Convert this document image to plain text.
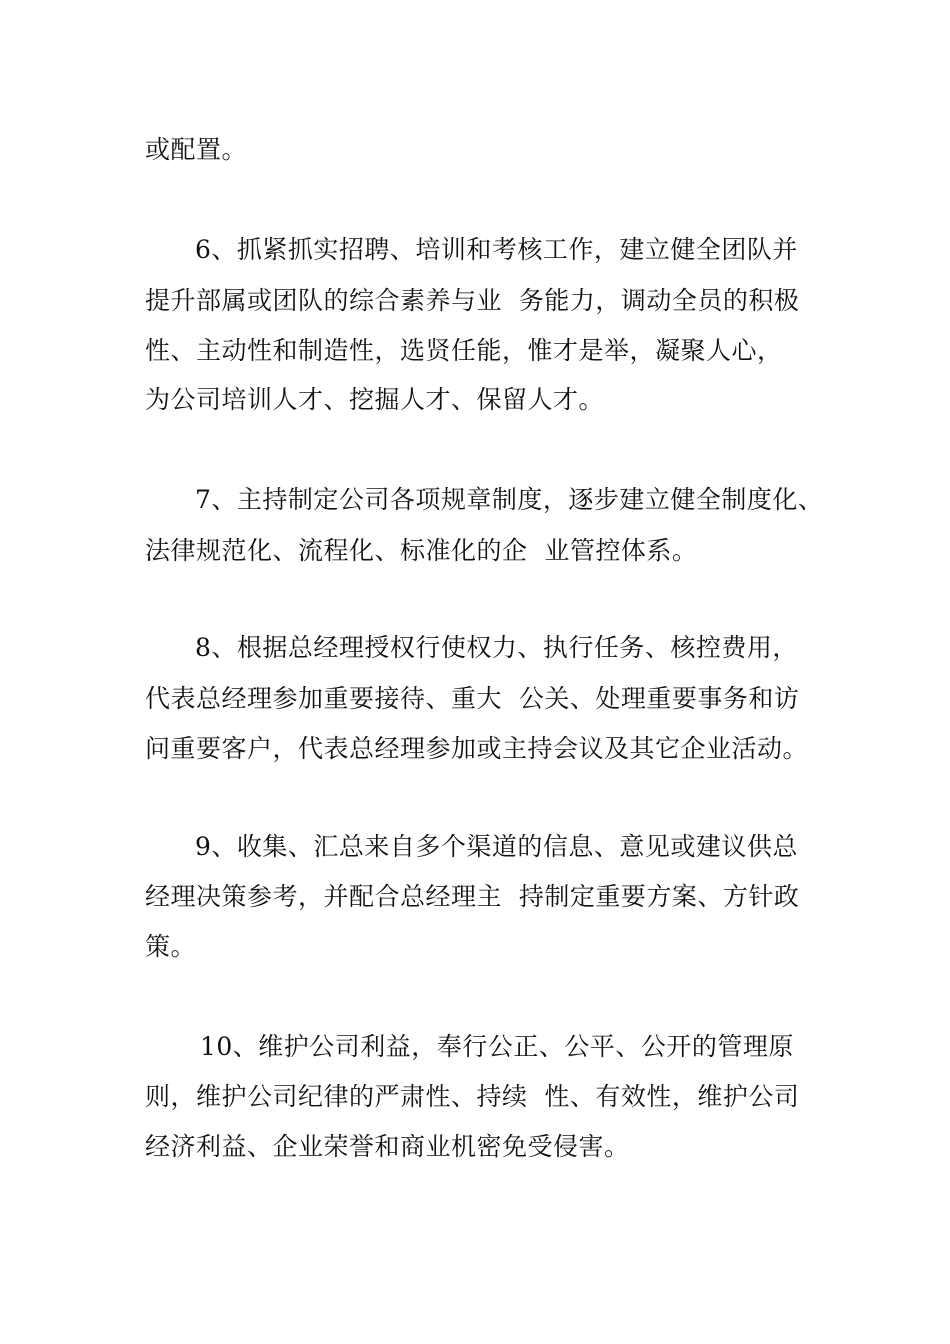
或配置。
6、抓紧抓实招聘、培训和考核工作，建立健全团队并
提升部属或团队的综合素养与业  务能力，调动全员的积极
性、主动性和制造性，选贤任能，惟才是举，凝聚人心，
为公司培训人才、挖掘人才、保留人才。
7、主持制定公司各项规章制度，逐步建立健全制度化、
法律规范化、流程化、标准化的企  业管控体系。
8、根据总经理授权行使权力、执行任务、核控费用，
代表总经理参加重要接待、重大  公关、处理重要事务和访
问重要客户，代表总经理参加或主持会议及其它企业活动。
9、收集、汇总来自多个渠道的信息、意见或建议供总
经理决策参考，并配合总经理主  持制定重要方案、方针政
策。
10、维护公司利益，奉行公正、公平、公开的管理原
则，维护公司纪律的严肃性、持续  性、有效性，维护公司
经济利益、企业荣誉和商业机密免受侵害。
